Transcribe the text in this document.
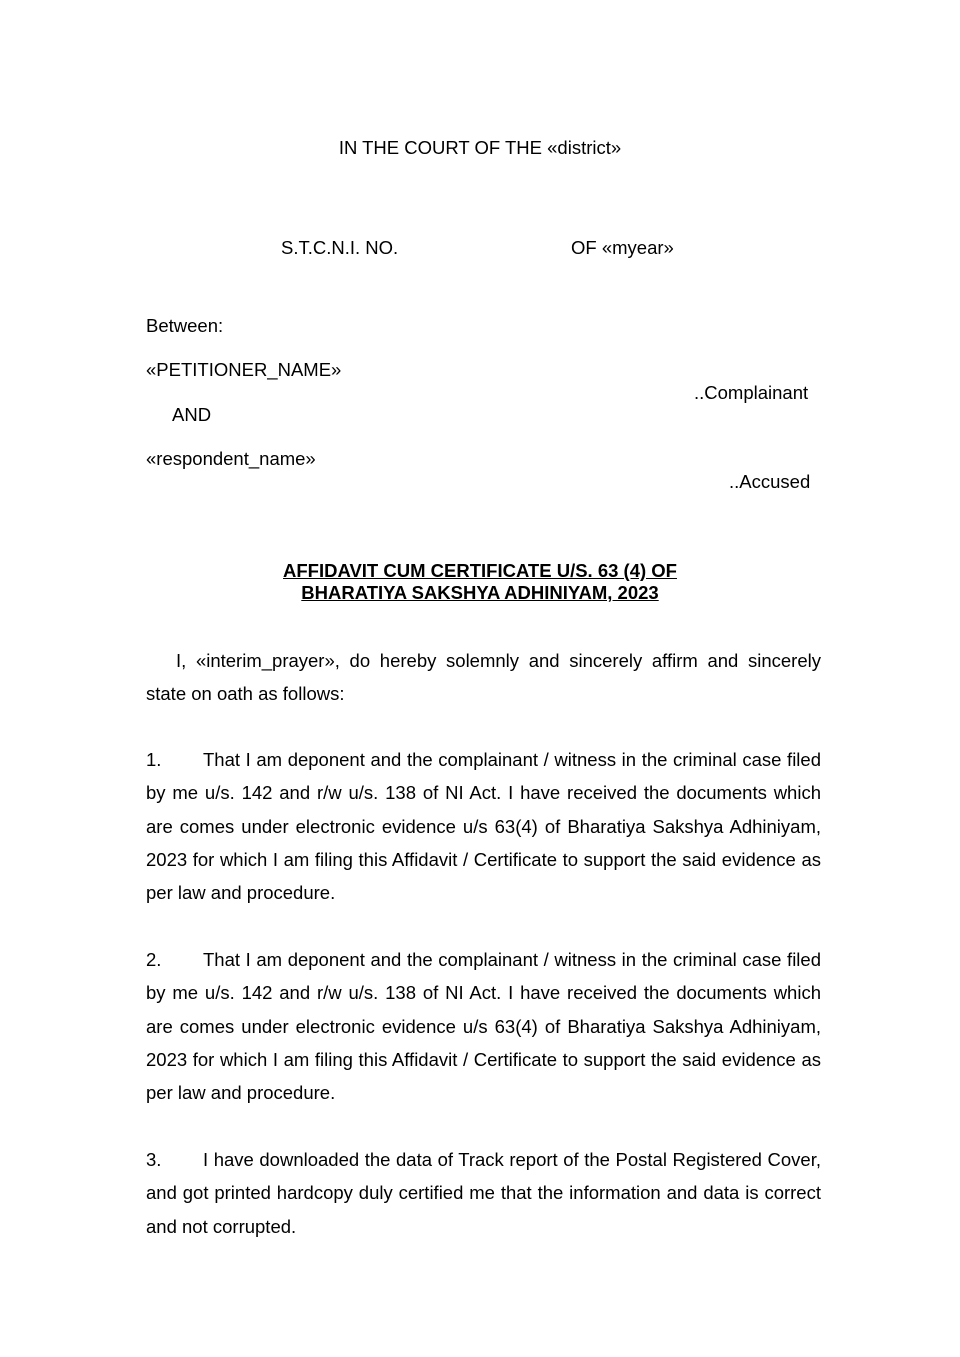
IN THE COURT OF THE «district»
S.T.C.N.I. NO.	OF «myear»
Between:
«PETITIONER_NAME»
..Complainant
AND
«respondent_name»
..Accused
AFFIDAVIT CUM CERTIFICATE U/S. 63 (4) OF
BHARATIYA SAKSHYA ADHINIYAM, 2023
I, «interim_prayer», do hereby solemnly and sincerely affirm and sincerely state on oath as follows:
1. That I am deponent and the complainant / witness in the criminal case filed by me u/s. 142 and r/w u/s. 138 of NI Act. I have received the documents which are comes under electronic evidence u/s 63(4) of Bharatiya Sakshya Adhiniyam, 2023 for which I am filing this Affidavit / Certificate to support the said evidence as per law and procedure.
2. That I am deponent and the complainant / witness in the criminal case filed by me u/s. 142 and r/w u/s. 138 of NI Act. I have received the documents which are comes under electronic evidence u/s 63(4) of Bharatiya Sakshya Adhiniyam, 2023 for which I am filing this Affidavit / Certificate to support the said evidence as per law and procedure.
3. I have downloaded the data of Track report of the Postal Registered Cover, and got printed hardcopy duly certified me that the information and data is correct and not corrupted.
